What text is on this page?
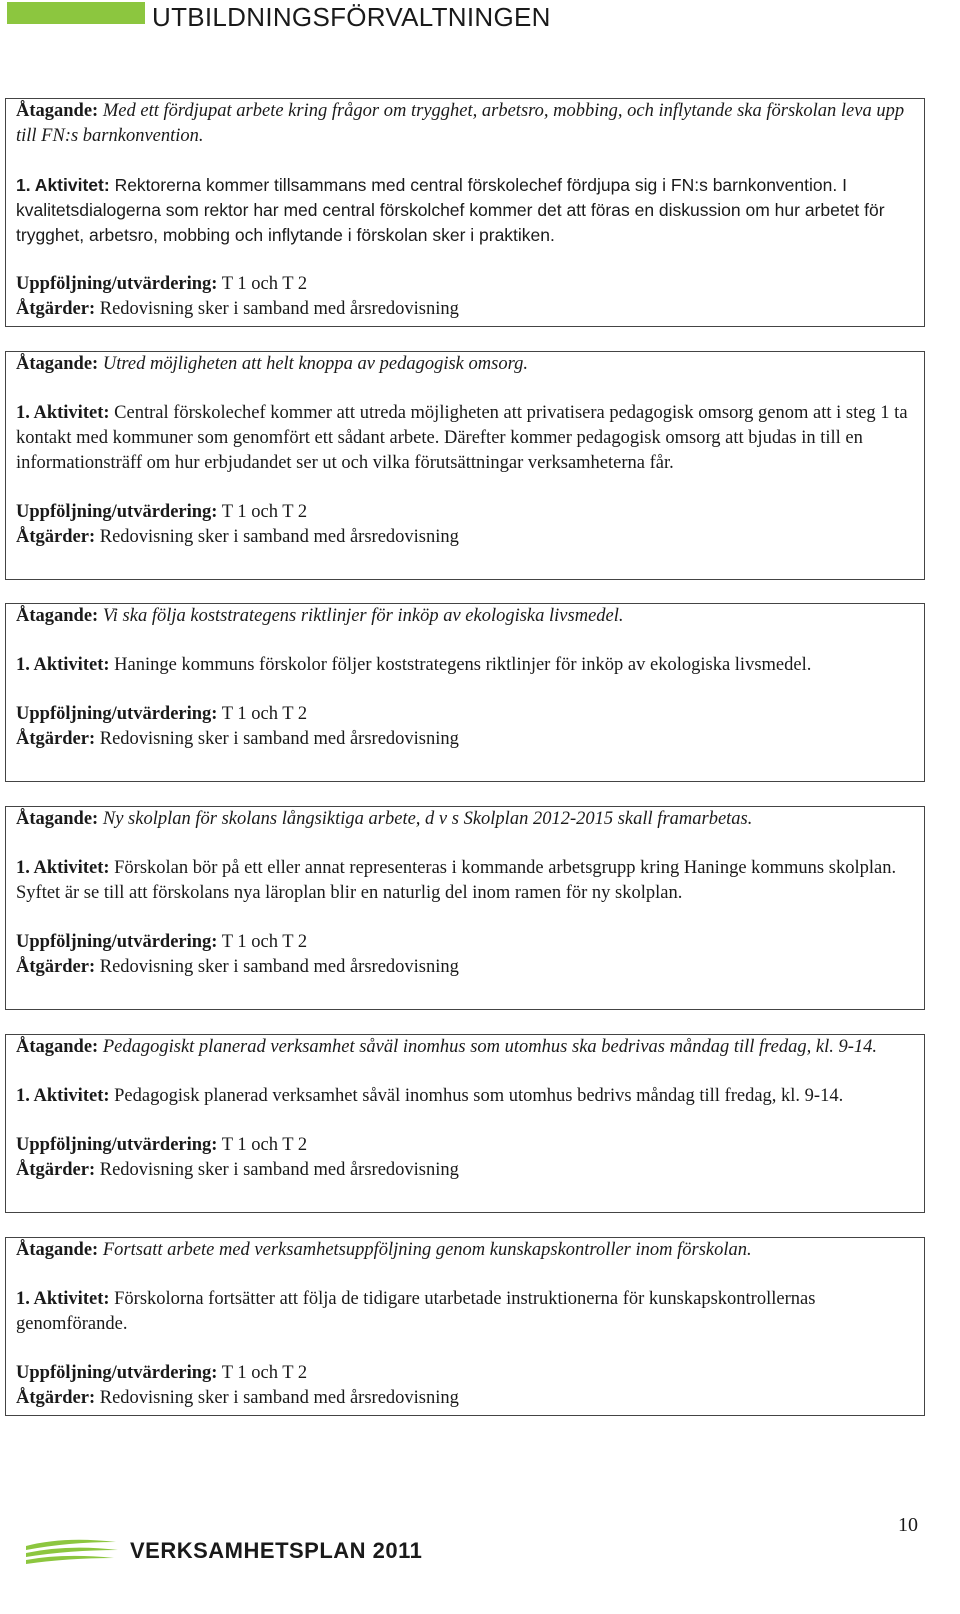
UTBILDNINGSFÖRVALTNINGEN

Åtagande: Med ett fördjupat arbete kring frågor om trygghet, arbetsro, mobbing, och inflytande ska förskolan leva upp till FN:s barnkonvention.

1. Aktivitet: Rektorerna kommer tillsammans med central förskolechef fördjupa sig i FN:s barnkonvention. I kvalitetsdialogerna som rektor har med central förskolchef kommer det att föras en diskussion om hur arbetet för trygghet, arbetsro, mobbing och inflytande i förskolan sker i praktiken.

Uppföljning/utvärdering: T 1 och T 2

Åtgärder: Redovisning sker i samband med årsredovisning

Åtagande: Utred möjligheten att helt knoppa av pedagogisk omsorg.

1. Aktivitet: Central förskolechef kommer att utreda möjligheten att privatisera pedagogisk omsorg genom att i steg 1 ta kontakt med kommuner som genomfört ett sådant arbete. Därefter kommer pedagogisk omsorg att bjudas in till en informationsträff om hur erbjudandet ser ut och vilka förutsättningar verksamheterna får.

Uppföljning/utvärdering: T 1 och T 2

Åtgärder: Redovisning sker i samband med årsredovisning

Åtagande: Vi ska följa koststrategens riktlinjer för inköp av ekologiska livsmedel.

1. Aktivitet: Haninge kommuns förskolor följer koststrategens riktlinjer för inköp av ekologiska livsmedel.

Uppföljning/utvärdering: T 1 och T 2

Åtgärder: Redovisning sker i samband med årsredovisning

Åtagande: Ny skolplan för skolans långsiktiga arbete, d v s Skolplan 2012-2015 skall framarbetas.

1. Aktivitet: Förskolan bör på ett eller annat representeras i kommande arbetsgrupp kring Haninge kommuns skolplan. Syftet är se till att förskolans nya läroplan blir en naturlig del inom ramen för ny skolplan.

Uppföljning/utvärdering: T 1 och T 2

Åtgärder: Redovisning sker i samband med årsredovisning

Åtagande: Pedagogiskt planerad verksamhet såväl inomhus som utomhus ska bedrivas måndag till fredag, kl. 9-14.

1. Aktivitet: Pedagogisk planerad verksamhet såväl inomhus som utomhus bedrivs måndag till fredag, kl. 9-14.

Uppföljning/utvärdering: T 1 och T 2

Åtgärder: Redovisning sker i samband med årsredovisning

Åtagande: Fortsatt arbete med verksamhetsuppföljning genom kunskapskontroller inom förskolan.

1. Aktivitet: Förskolorna fortsätter att följa de tidigare utarbetade instruktionerna för kunskapskontrollernas genomförande.

Uppföljning/utvärdering: T 1 och T 2

Åtgärder: Redovisning sker i samband med årsredovisning

10
VERKSAMHETSPLAN 2011
